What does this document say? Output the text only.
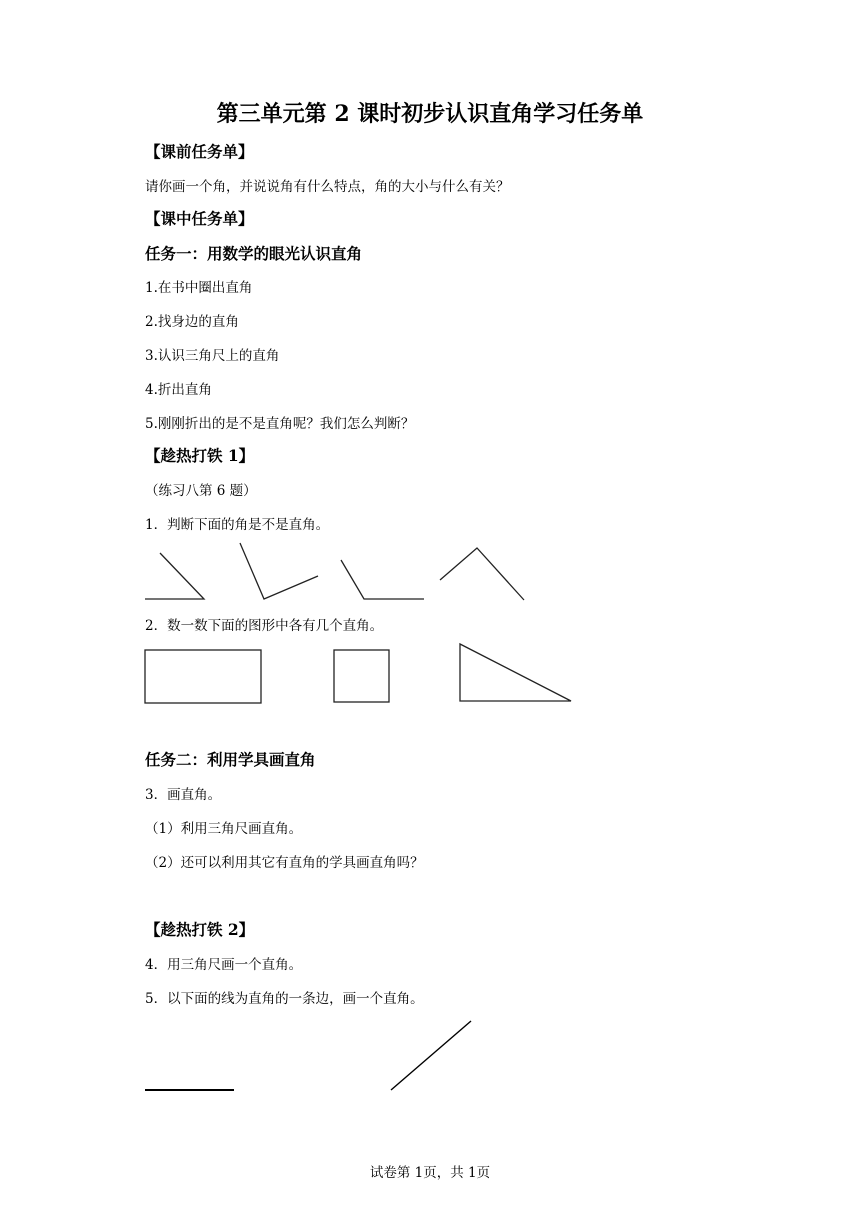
第三单元第 2 课时初步认识直角学习任务单
【课前任务单】
请你画一个角，并说说角有什么特点，角的大小与什么有关？
【课中任务单】
任务一：用数学的眼光认识直角
1.在书中圈出直角
2.找身边的直角
3.认识三角尺上的直角
4.折出直角
5.刚刚折出的是不是直角呢？我们怎么判断？
【趁热打铁 1】
（练习八第 6 题）
1．判断下面的角是不是直角。
2．数一数下面的图形中各有几个直角。
任务二：利用学具画直角
3．画直角。
（1）利用三角尺画直角。
（2）还可以利用其它有直角的学具画直角吗？
【趁热打铁 2】
4．用三角尺画一个直角。
5．以下面的线为直角的一条边，画一个直角。
试卷第 1页，共 1页
